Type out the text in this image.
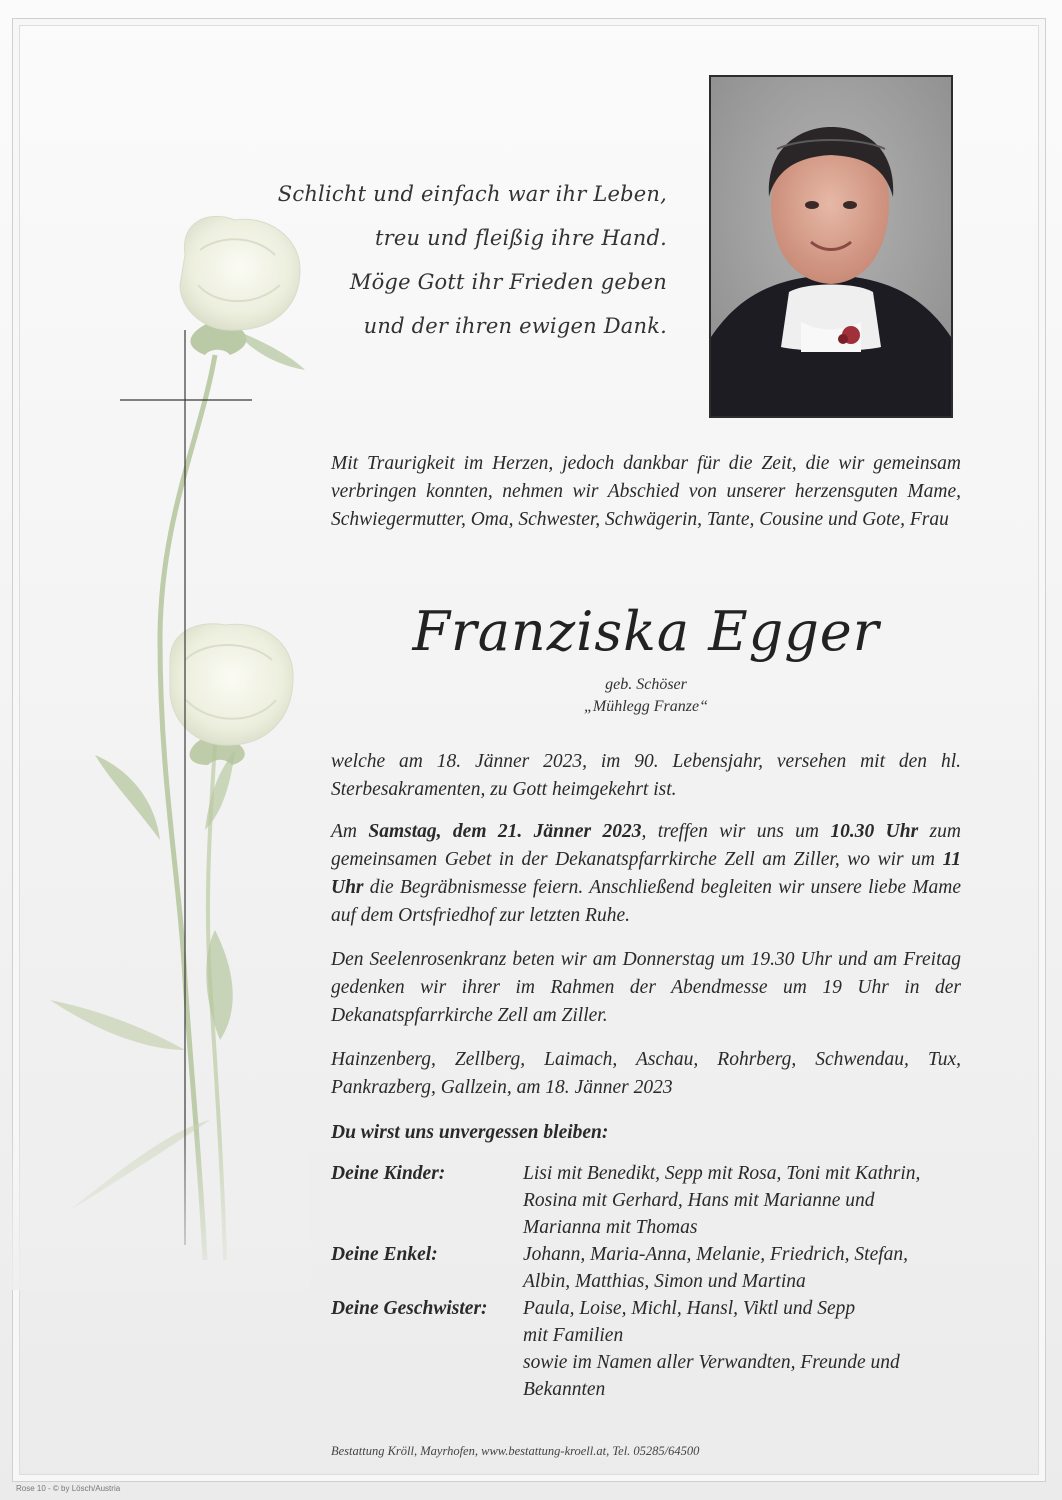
Schlicht und einfach war ihr Leben,
treu und fleißig ihre Hand.
Möge Gott ihr Frieden geben
und der ihren ewigen Dank.
Mit Traurigkeit im Herzen, jedoch dankbar für die Zeit, die wir gemeinsam verbringen konnten, nehmen wir Abschied von unserer herzensguten Mame, Schwiegermutter, Oma, Schwester, Schwägerin, Tante, Cousine und Gote, Frau
Franziska Egger
geb. Schöser
„Mühlegg Franze“
welche am 18. Jänner 2023, im 90. Lebensjahr, versehen mit den hl. Sterbesakramenten, zu Gott heimgekehrt ist.
Am Samstag, dem 21. Jänner 2023, treffen wir uns um 10.30 Uhr zum gemeinsamen Gebet in der Dekanatspfarrkirche Zell am Ziller, wo wir um 11 Uhr die Begräbnismesse feiern. Anschließend begleiten wir unsere liebe Mame auf dem Ortsfriedhof zur letzten Ruhe.
Den Seelenrosenkranz beten wir am Donnerstag um 19.30 Uhr und am Freitag gedenken wir ihrer im Rahmen der Abendmesse um 19 Uhr in der Dekanatspfarrkirche Zell am Ziller.
Hainzenberg, Zellberg, Laimach, Aschau, Rohrberg, Schwendau, Tux, Pankrazberg, Gallzein, am 18. Jänner 2023
Du wirst uns unvergessen bleiben:
Deine Kinder:	Lisi mit Benedikt, Sepp mit Rosa, Toni mit Kathrin,
Rosina mit Gerhard, Hans mit Marianne und
Marianna mit Thomas
Deine Enkel:	Johann, Maria-Anna, Melanie, Friedrich, Stefan,
Albin, Matthias, Simon und Martina
Deine Geschwister:	Paula, Loise, Michl, Hansl, Viktl und Sepp
mit Familien
sowie im Namen aller Verwandten, Freunde und
Bekannten
Bestattung Kröll, Mayrhofen, www.bestattung-kroell.at, Tel. 05285/64500
Rose 10 - © by Lösch/Austria
